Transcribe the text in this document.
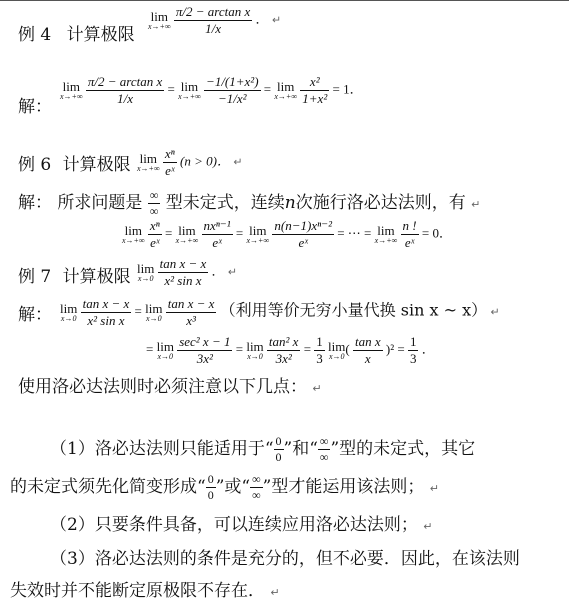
例 4 计算极限
lim
x→+∞
$\frac{\text{π/2 − arctan x}}{1/x}$ ． ↵
解：
lim
x→+∞
$\frac{\text{π/2 − arctan x}}{1/x} = \lim$
x→+∞
$\frac{\text{−1/(1+x²)}}{\text{−1/x²}} = \lim$
x→+∞
$\frac{\text{x²}}{\text{1+x²}} = 1$．
例 6 计算极限 lim
x→+∞
$\frac{\text{xⁿ}}{\text{eˣ}} (n > 0)$． ↵
解： 所求问题是 $\frac{\infty}{\infty}$ 型未定式，连续n次施行洛必达法则，有 ↵
lim
x→+∞
$\frac{\text{xⁿ}}{\text{eˣ}} = \lim$
x→+∞
$\frac{\text{nxⁿ⁻¹}}{\text{eˣ}} = \lim$
x→+∞
$\frac{\text{n(n−1)xⁿ⁻²}}{\text{eˣ}}$ = ⋯ = lim
x→+∞
$\frac{n !}{\text{eˣ}} = 0$．
例 7 计算极限 lim
x→0
$\frac{\text{tan x − x}}{\text{x² sin x}}$ ． ↵
解： lim
x→0
$\frac{\text{tan x − x}}{\text{x² sin x}} = \lim$
x→0
$\frac{\text{tan x − x}}{\text{x³}}$ （利用等价无穷小量代换 sin x ~ x） ↵
= lim
x→0
$\frac{\text{sec² x − 1}}{\text{3x²}} = \lim$
x→0
$\frac{\text{tan² x}}{\text{3x²}} = \frac{1}{3}$ lim
x→0
( $\frac{\text{tan x}}{x} )^2 = \frac{1}{3}$ ．
使用洛必达法则时必须注意以下几点： ↵
（1）洛必达法则只能适用于“ $\frac{0}{0}$ ”和“ $\frac{\infty}{\infty}$ ”型的未定式，其它
的未定式须先化简变形成“ $\frac{0}{0}$ ”或“ $\frac{\infty}{\infty}$ ”型才能运用该法则； ↵
（2）只要条件具备，可以连续应用洛必达法则； ↵
（3）洛必达法则的条件是充分的，但不必要．因此，在该法则
失效时并不能断定原极限不存在． ↵
